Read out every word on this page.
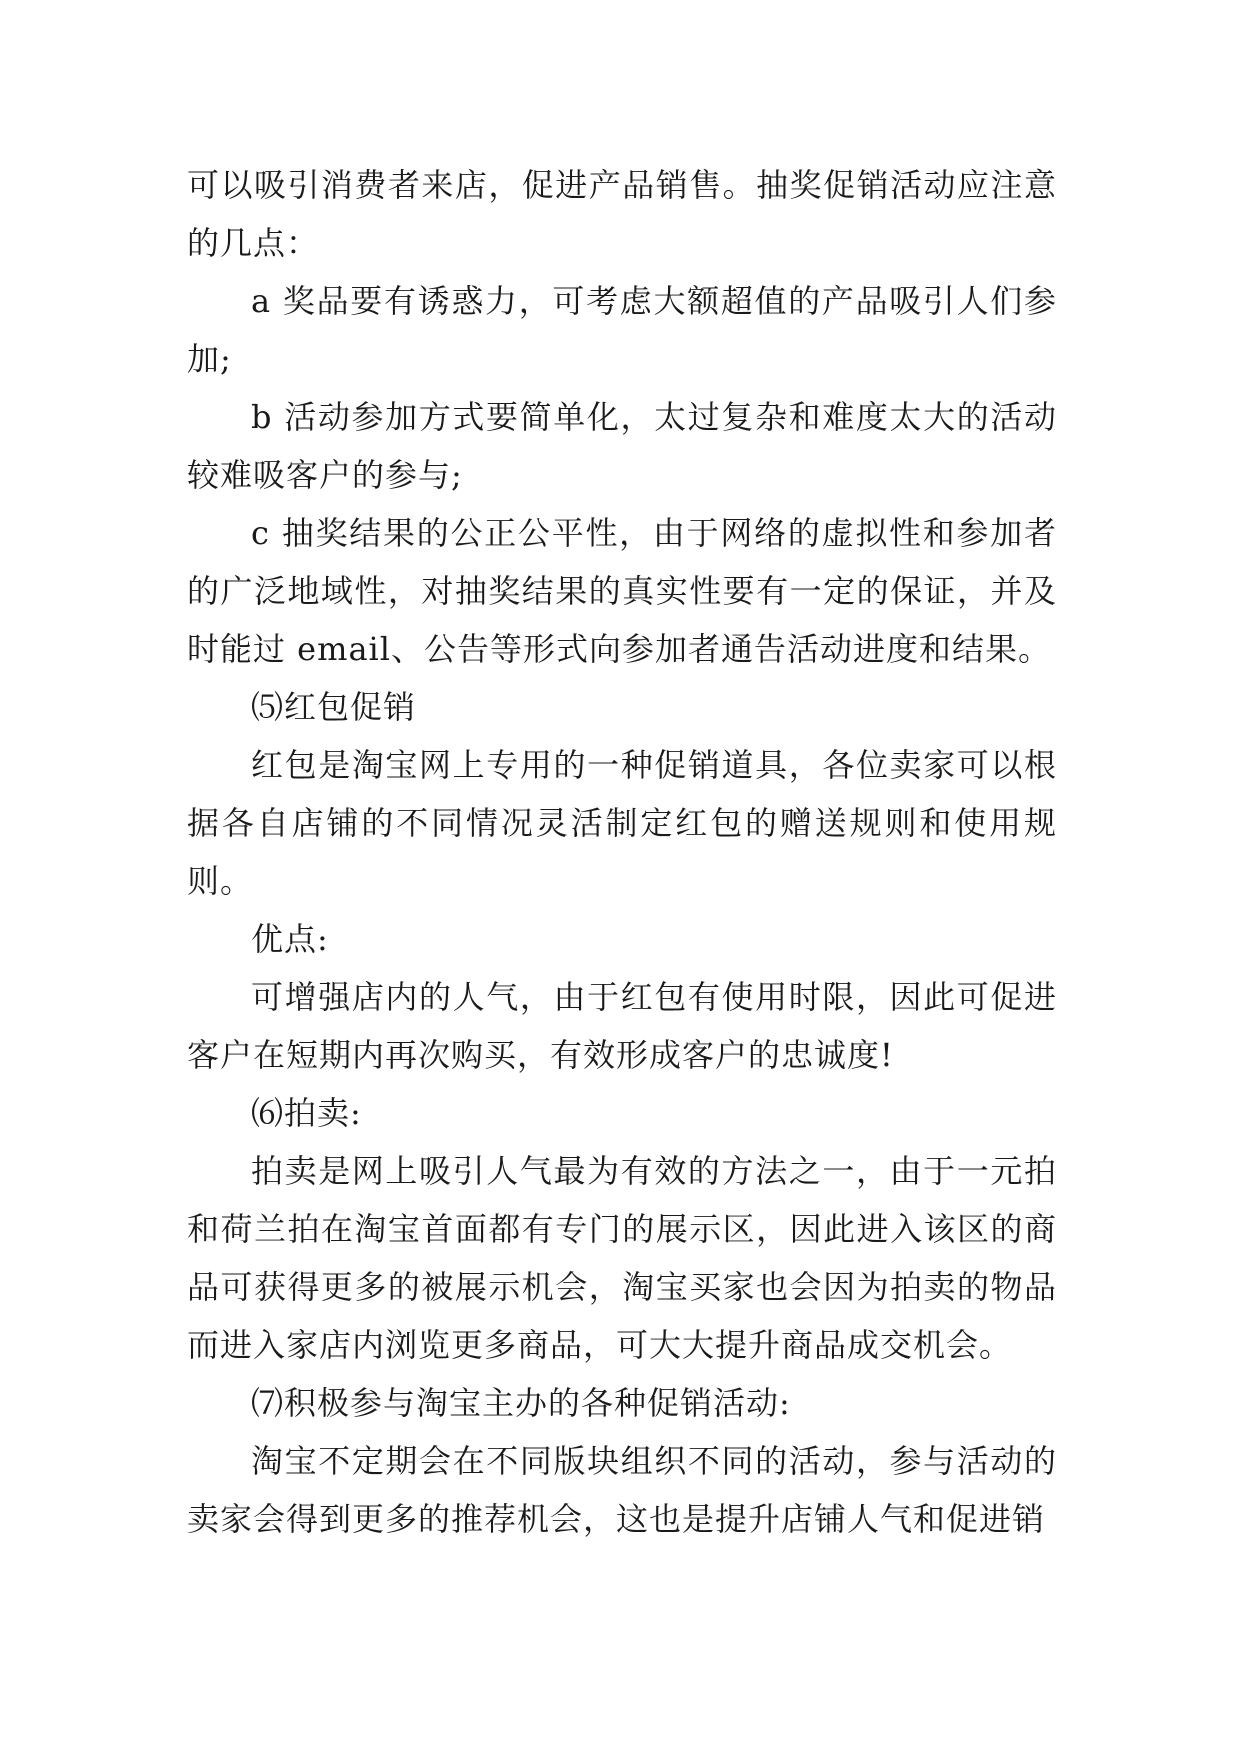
可以吸引消费者来店，促进产品销售。抽奖促销活动应注意的几点：

a 奖品要有诱惑力，可考虑大额超值的产品吸引人们参加;

b 活动参加方式要简单化，太过复杂和难度太大的活动较难吸客户的参与;

c 抽奖结果的公正公平性，由于网络的虚拟性和参加者的广泛地域性，对抽奖结果的真实性要有一定的保证，并及时能过 email、公告等形式向参加者通告活动进度和结果。

⑸红包促销

红包是淘宝网上专用的一种促销道具，各位卖家可以根据各自店铺的不同情况灵活制定红包的赠送规则和使用规则。

优点:

可增强店内的人气，由于红包有使用时限，因此可促进客户在短期内再次购买，有效形成客户的忠诚度!

⑹拍卖:

拍卖是网上吸引人气最为有效的方法之一，由于一元拍和荷兰拍在淘宝首面都有专门的展示区，因此进入该区的商品可获得更多的被展示机会，淘宝买家也会因为拍卖的物品而进入家店内浏览更多商品，可大大提升商品成交机会。

⑺积极参与淘宝主办的各种促销活动:

淘宝不定期会在不同版块组织不同的活动，参与活动的卖家会得到更多的推荐机会，这也是提升店铺人气和促进销
